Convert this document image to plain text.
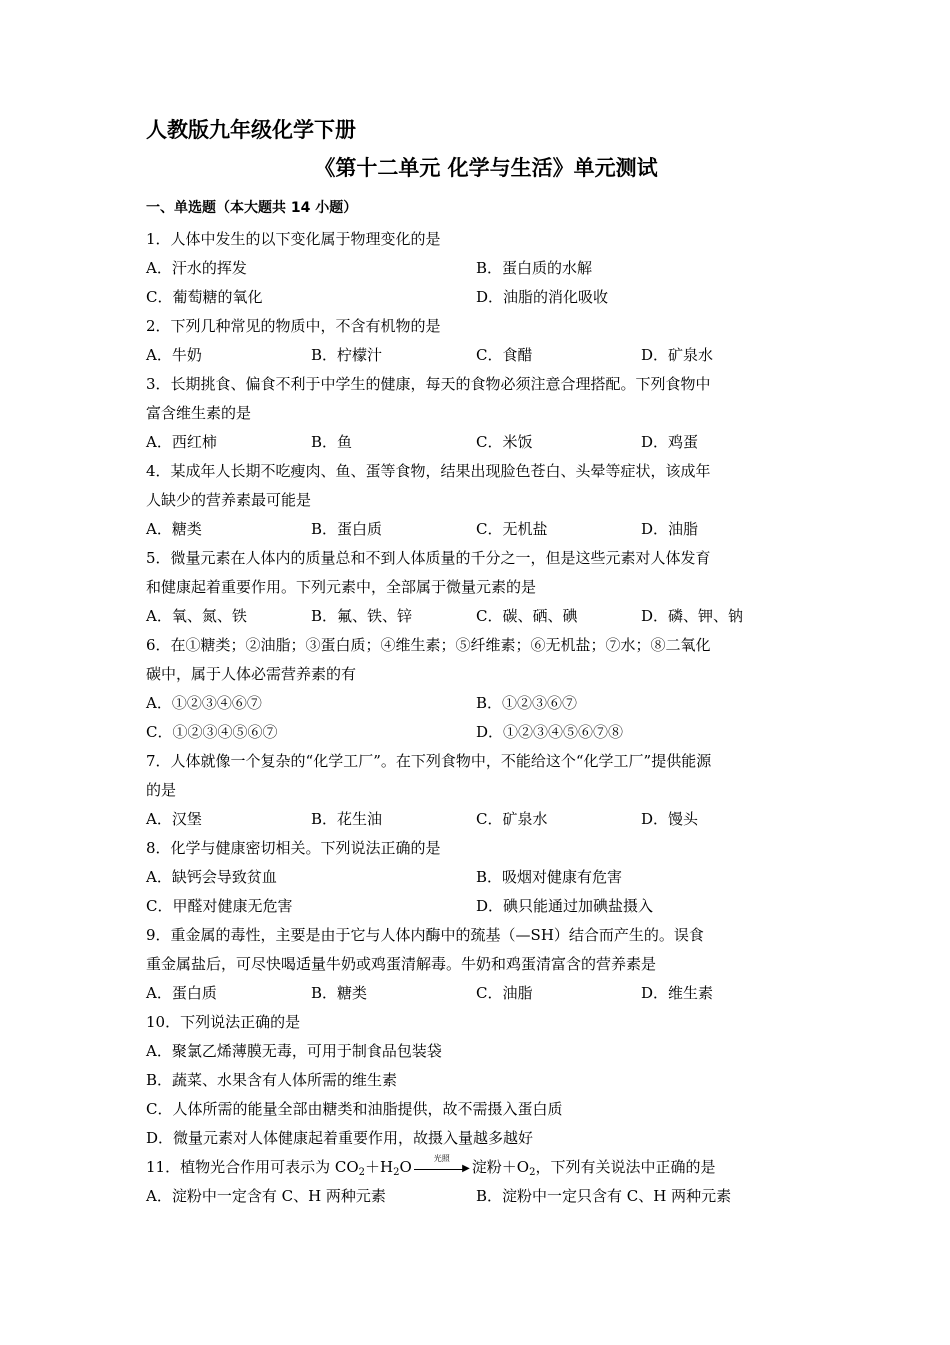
人教版九年级化学下册
《第十二单元 化学与生活》单元测试
一、单选题（本大题共 14 小题）
1．人体中发生的以下变化属于物理变化的是
A．汗水的挥发	B．蛋白质的水解
C．葡萄糖的氧化	D．油脂的消化吸收
2．下列几种常见的物质中，不含有机物的是
A．牛奶	B．柠檬汁	C．食醋	D．矿泉水
3．长期挑食、偏食不利于中学生的健康，每天的食物必须注意合理搭配。下列食物中
富含维生素的是
A．西红柿	B．鱼	C．米饭	D．鸡蛋
4．某成年人长期不吃瘦肉、鱼、蛋等食物，结果出现脸色苍白、头晕等症状，该成年
人缺少的营养素最可能是
A．糖类	B．蛋白质	C．无机盐	D．油脂
5．微量元素在人体内的质量总和不到人体质量的千分之一，但是这些元素对人体发育
和健康起着重要作用。下列元素中，全部属于微量元素的是
A．氧、氮、铁	B．氟、铁、锌	C．碳、硒、碘	D．磷、钾、钠
6．在①糖类；②油脂；③蛋白质；④维生素；⑤纤维素；⑥无机盐；⑦水；⑧二氧化
碳中，属于人体必需营养素的有
A．①②③④⑥⑦	B．①②③⑥⑦
C．①②③④⑤⑥⑦	D．①②③④⑤⑥⑦⑧
7．人体就像一个复杂的“化学工厂”。在下列食物中，不能给这个“化学工厂”提供能源
的是
A．汉堡	B．花生油	C．矿泉水	D．馒头
8．化学与健康密切相关。下列说法正确的是
A．缺钙会导致贫血	B．吸烟对健康有危害
C．甲醛对健康无危害	D．碘只能通过加碘盐摄入
9．重金属的毒性，主要是由于它与人体内酶中的巯基（—SH）结合而产生的。误食
重金属盐后，可尽快喝适量牛奶或鸡蛋清解毒。牛奶和鸡蛋清富含的营养素是
A．蛋白质	B．糖类	C．油脂	D．维生素
10．下列说法正确的是
A．聚氯乙烯薄膜无毒，可用于制食品包装袋
B．蔬菜、水果含有人体所需的维生素
C．人体所需的能量全部由糖类和油脂提供，故不需摄入蛋白质
D．微量元素对人体健康起着重要作用，故摄入量越多越好
11．植物光合作用可表示为 $CO_2+H_2O$	光照
▶ 淀粉$+O_2$，下列有关说法中正确的是
A．淀粉中一定含有 C、H 两种元素	B．淀粉中一定只含有 C、H 两种元素
